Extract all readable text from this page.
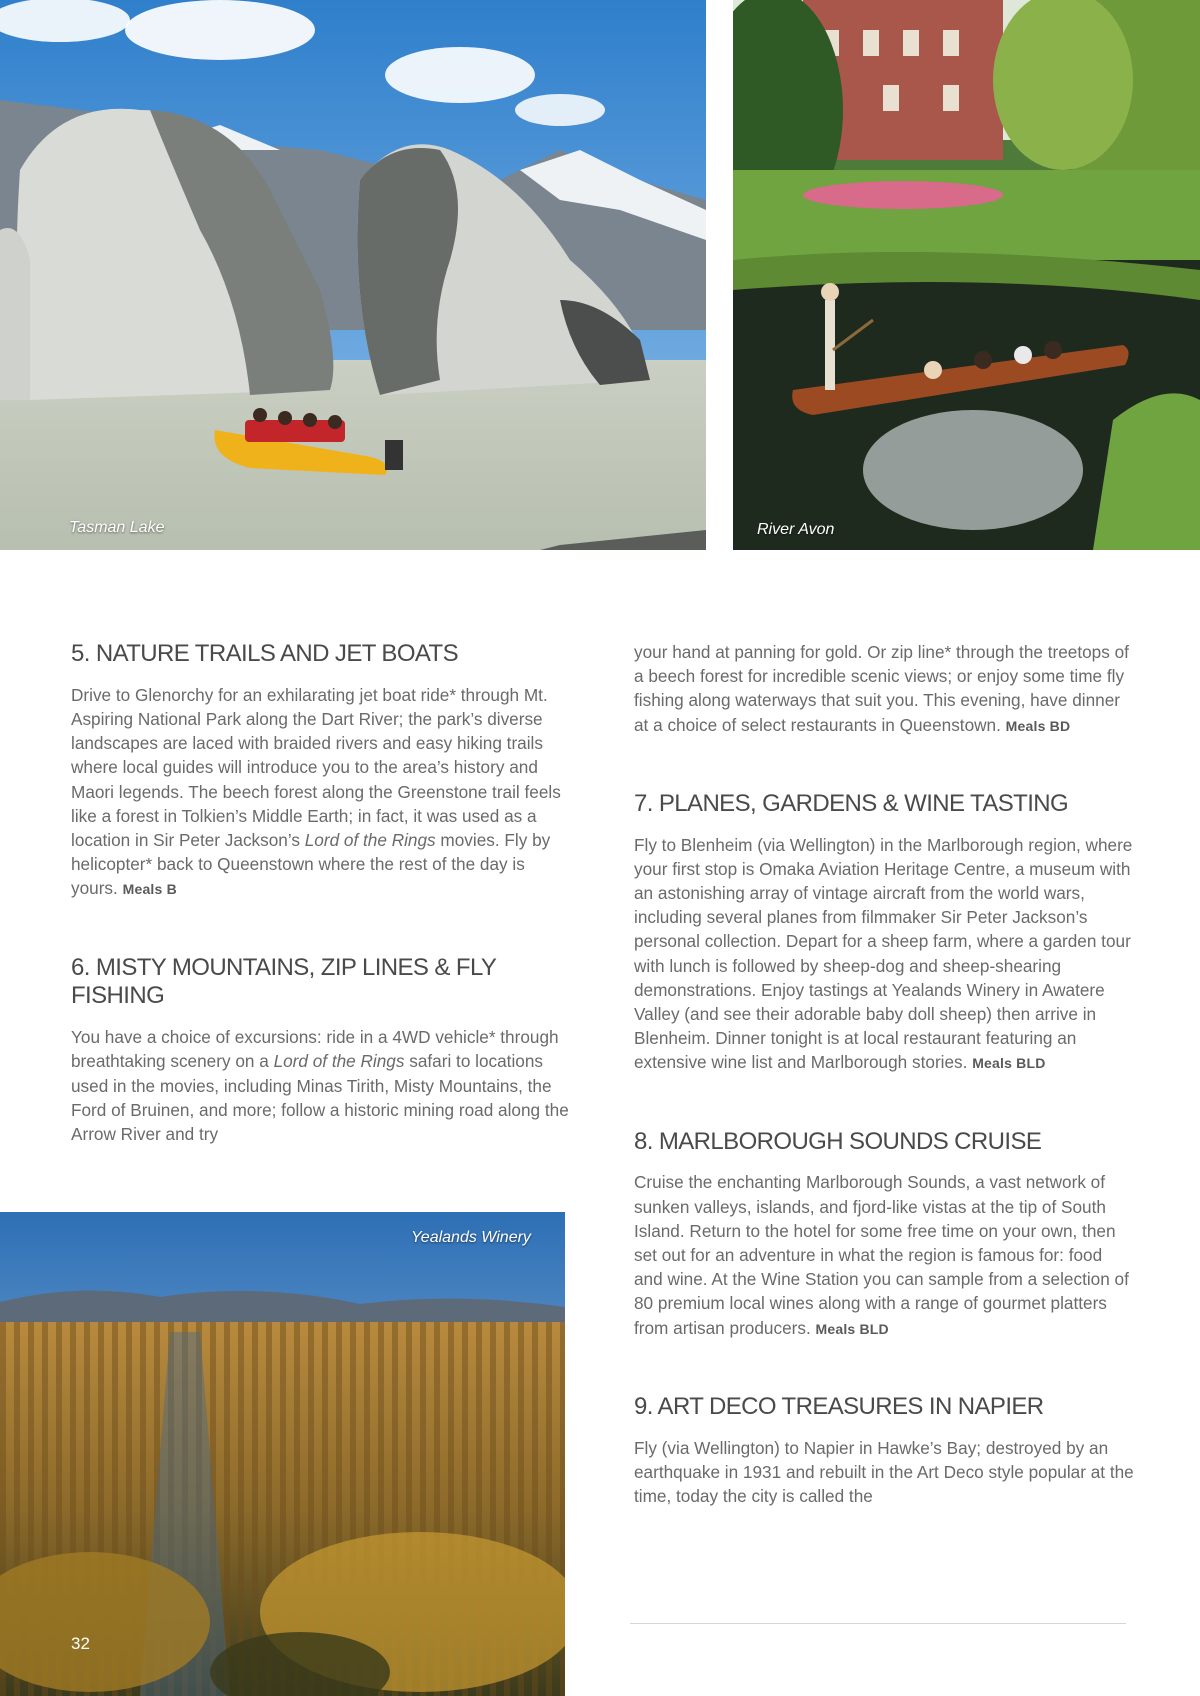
Tasman Lake	River Avon
5. NATURE TRAILS AND JET BOATS

Drive to Glenorchy for an exhilarating jet boat ride* through Mt. Aspiring National Park along the Dart River; the park’s diverse landscapes are laced with braided rivers and easy hiking trails where local guides will introduce you to the area’s history and Maori legends. The beech forest along the Greenstone trail feels like a forest in Tolkien’s Middle Earth; in fact, it was used as a location in Sir Peter Jackson’s Lord of the Rings movies. Fly by helicopter* back to Queenstown where the rest of the day is yours. Meals B

6. MISTY MOUNTAINS, ZIP LINES & FLY FISHING

You have a choice of excursions: ride in a 4WD vehicle* through breathtaking scenery on a Lord of the Rings safari to locations used in the movies, including Minas Tirith, Misty Mountains, the Ford of Bruinen, and more; follow a historic mining road along the Arrow River and try

your hand at panning for gold. Or zip line* through the treetops of a beech forest for incredible scenic views; or enjoy some time fly fishing along waterways that suit you. This evening, have dinner at a choice of select restaurants in Queenstown. Meals BD

7. PLANES, GARDENS & WINE TASTING

Fly to Blenheim (via Wellington) in the Marlborough region, where your first stop is Omaka Aviation Heritage Centre, a museum with an astonishing array of vintage aircraft from the world wars, including several planes from filmmaker Sir Peter Jackson’s personal collection. Depart for a sheep farm, where a garden tour with lunch is followed by sheep-dog and sheep-shearing demonstrations. Enjoy tastings at Yealands Winery in Awatere Valley (and see their adorable baby doll sheep) then arrive in Blenheim. Dinner tonight is at local restaurant featuring an extensive wine list and Marlborough stories. Meals BLD

8. MARLBOROUGH SOUNDS CRUISE

Cruise the enchanting Marlborough Sounds, a vast network of sunken valleys, islands, and fjord-like vistas at the tip of South Island. Return to the hotel for some free time on your own, then set out for an adventure in what the region is famous for: food and wine. At the Wine Station you can sample from a selection of 80 premium local wines along with a range of gourmet platters from artisan producers. Meals BLD

9. ART DECO TREASURES IN NAPIER

Fly (via Wellington) to Napier in Hawke’s Bay; destroyed by an earthquake in 1931 and rebuilt in the Art Deco style popular at the time, today the city is called the

Yealands Winery
32
